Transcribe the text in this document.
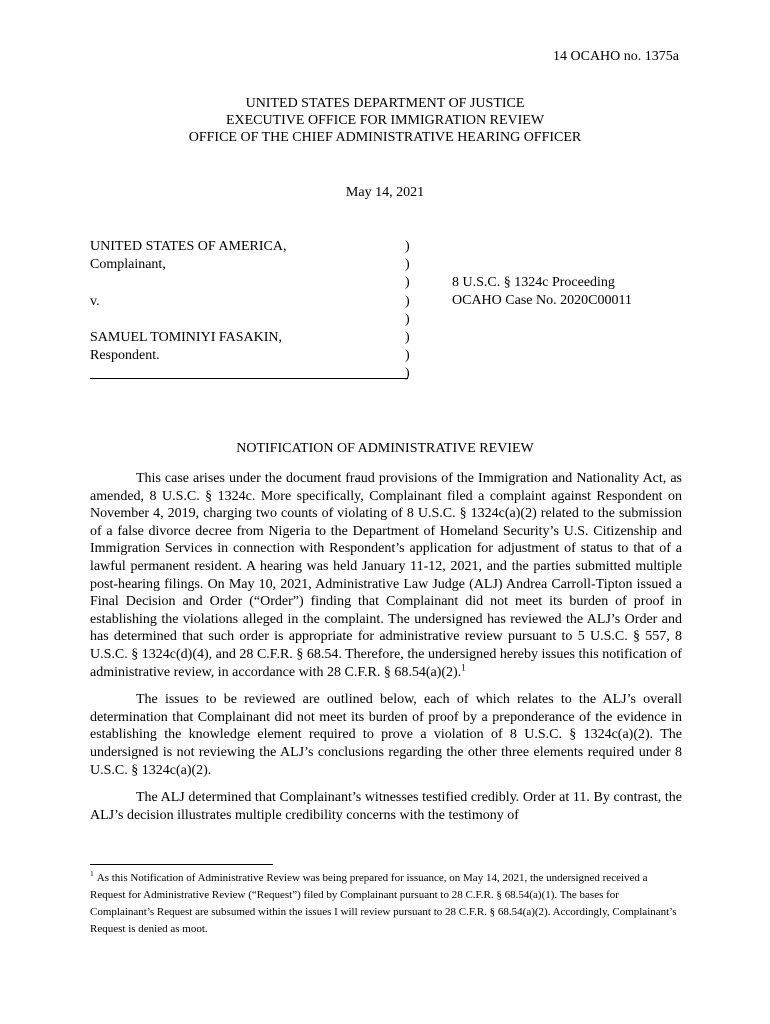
14 OCAHO no. 1375a
UNITED STATES DEPARTMENT OF JUSTICE
EXECUTIVE OFFICE FOR IMMIGRATION REVIEW
OFFICE OF THE CHIEF ADMINISTRATIVE HEARING OFFICER
May 14, 2021
UNITED STATES OF AMERICA,
Complainant,
v.
SAMUEL TOMINIYI FASAKIN,
Respondent.
)
)
)
)
)
)
)
)
8 U.S.C. § 1324c Proceeding
OCAHO Case No. 2020C00011
NOTIFICATION OF ADMINISTRATIVE REVIEW

This case arises under the document fraud provisions of the Immigration and Nationality Act, as amended, 8 U.S.C. § 1324c. More specifically, Complainant filed a complaint against Respondent on November 4, 2019, charging two counts of violating of 8 U.S.C. § 1324c(a)(2) related to the submission of a false divorce decree from Nigeria to the Department of Homeland Security’s U.S. Citizenship and Immigration Services in connection with Respondent’s application for adjustment of status to that of a lawful permanent resident. A hearing was held January 11-12, 2021, and the parties submitted multiple post-hearing filings. On May 10, 2021, Administrative Law Judge (ALJ) Andrea Carroll-Tipton issued a Final Decision and Order (“Order”) finding that Complainant did not meet its burden of proof in establishing the violations alleged in the complaint. The undersigned has reviewed the ALJ’s Order and has determined that such order is appropriate for administrative review pursuant to 5 U.S.C. § 557, 8 U.S.C. § 1324c(d)(4), and 28 C.F.R. § 68.54. Therefore, the undersigned hereby issues this notification of administrative review, in accordance with 28 C.F.R. § 68.54(a)(2).$^1$

The issues to be reviewed are outlined below, each of which relates to the ALJ’s overall determination that Complainant did not meet its burden of proof by a preponderance of the evidence in establishing the knowledge element required to prove a violation of 8 U.S.C. § 1324c(a)(2). The undersigned is not reviewing the ALJ’s conclusions regarding the other three elements required under 8 U.S.C. § 1324c(a)(2).

The ALJ determined that Complainant’s witnesses testified credibly. Order at 11. By contrast, the ALJ’s decision illustrates multiple credibility concerns with the testimony of

$^1$ As this Notification of Administrative Review was being prepared for issuance, on May 14, 2021, the undersigned received a Request for Administrative Review (“Request”) filed by Complainant pursuant to 28 C.F.R. § 68.54(a)(1). The bases for Complainant’s Request are subsumed within the issues I will review pursuant to 28 C.F.R. § 68.54(a)(2). Accordingly, Complainant’s Request is denied as moot.
